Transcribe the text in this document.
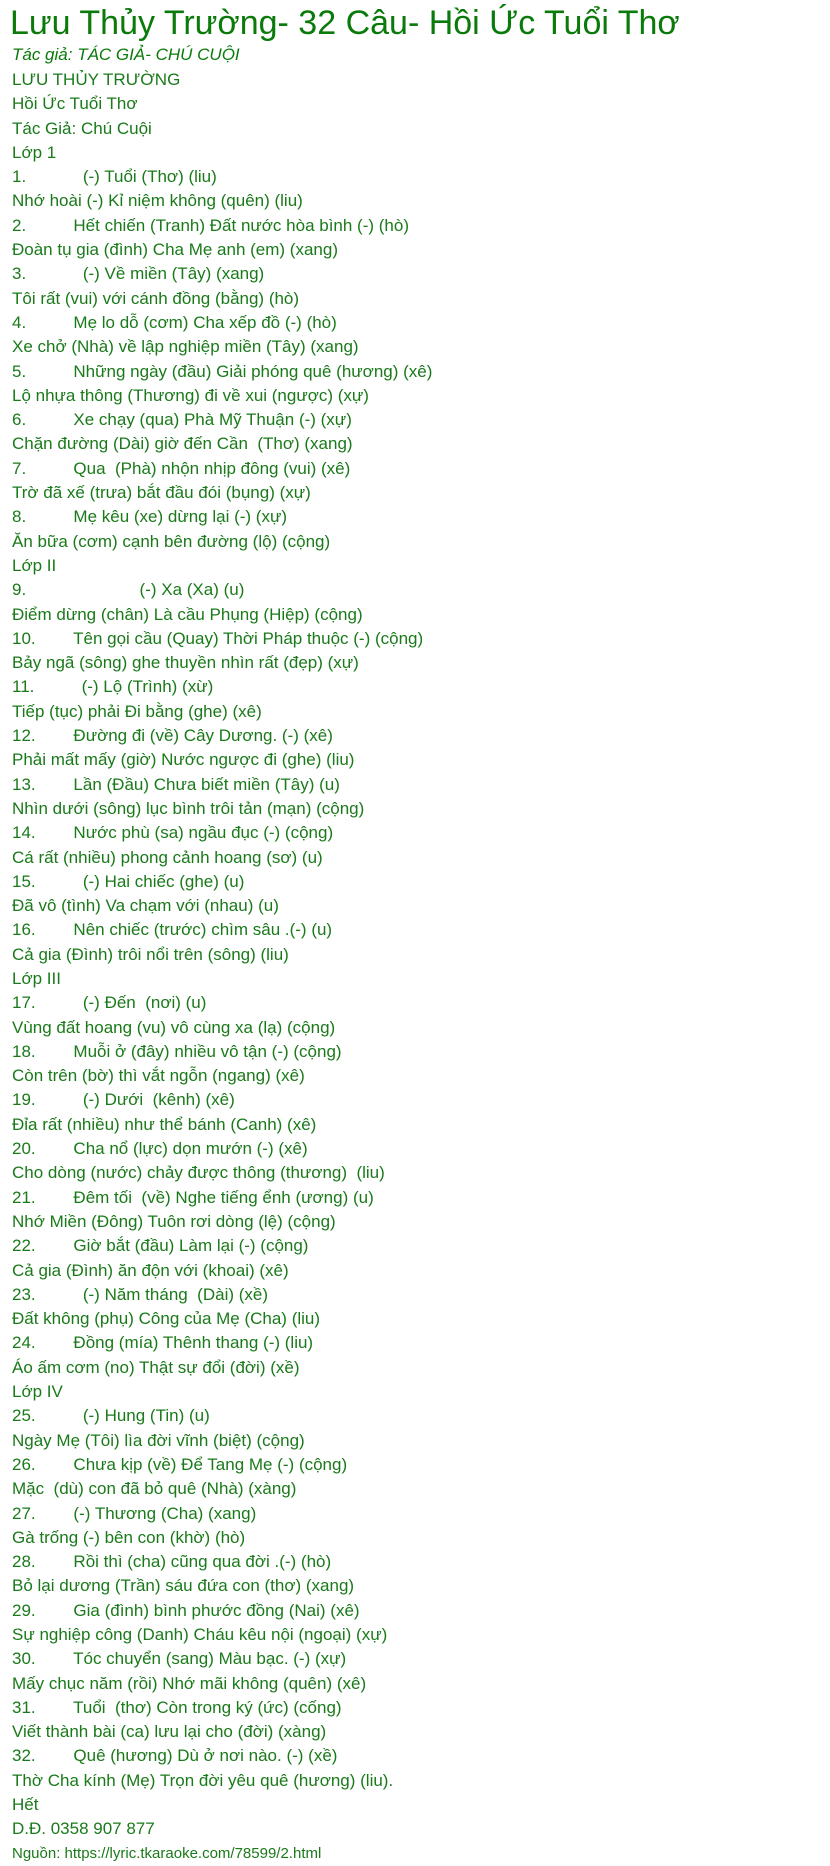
Lưu Thủy Trường- 32 Câu- Hồi Ức Tuổi Thơ
Tác giả: TÁC GIẢ- CHÚ CUỘI
LƯU THỦY TRƯỜNG
Hồi Ức Tuổi Thơ
Tác Giả: Chú Cuội
Lớp 1
1.            (-) Tuổi (Thơ) (liu)
Nhớ hoài (-) Kỉ niệm không (quên) (liu)
2.          Hết chiến (Tranh) Đất nước hòa bình (-) (hò)
Đoàn tụ gia (đình) Cha Mẹ anh (em) (xang)
3.            (-) Về miền (Tây) (xang)
Tôi rất (vui) với cánh đồng (bằng) (hò)
4.          Mẹ lo dỗ (cơm) Cha xếp đồ (-) (hò)
Xe chở (Nhà) về lập nghiệp miền (Tây) (xang)
5.          Những ngày (đầu) Giải phóng quê (hương) (xê)
Lộ nhựa thông (Thương) đi về xui (ngược) (xự)
6.          Xe chạy (qua) Phà Mỹ Thuận (-) (xự)
Chặn đường (Dài) giờ đến Cần  (Thơ) (xang)
7.          Qua  (Phà) nhộn nhịp đông (vui) (xê)
Trờ đã xế (trưa) bắt đầu đói (bụng) (xự)
8.          Mẹ kêu (xe) dừng lại (-) (xự)
Ăn bữa (cơm) cạnh bên đường (lộ) (cộng)
Lớp II
9.                        (-) Xa (Xa) (u)
Điểm dừng (chân) Là cầu Phụng (Hiệp) (cộng)
10.        Tên gọi cầu (Quay) Thời Pháp thuộc (-) (cộng)
Bảy ngã (sông) ghe thuyền nhìn rất (đẹp) (xự)
11.          (-) Lộ (Trình) (xừ)
Tiếp (tục) phải Đi bằng (ghe) (xê)
12.        Đường đi (về) Cây Dương. (-) (xê)
Phải mất mấy (giờ) Nước ngược đi (ghe) (liu)
13.        Lần (Đầu) Chưa biết miền (Tây) (u)
Nhìn dưới (sông) lục bình trôi tản (mạn) (cộng)
14.        Nước phù (sa) ngầu đục (-) (cộng)
Cá rất (nhiều) phong cảnh hoang (sơ) (u)
15.          (-) Hai chiếc (ghe) (u)
Đã vô (tình) Va chạm với (nhau) (u)
16.        Nên chiếc (trước) chìm sâu .(-) (u)
Cả gia (Đình) trôi nổi trên (sông) (liu)
Lớp III
17.          (-) Đến  (nơi) (u)
Vùng đất hoang (vu) vô cùng xa (lạ) (cộng)
18.        Muỗi ở (đây) nhiều vô tận (-) (cộng)
Còn trên (bờ) thì vắt ngỗn (ngang) (xê)
19.          (-) Dưới  (kênh) (xê)
Đỉa rất (nhiều) như thể bánh (Canh) (xê)
20.        Cha nổ (lực) dọn mướn (-) (xê)
Cho dòng (nước) chảy được thông (thương)  (liu)
21.        Đêm tối  (về) Nghe tiếng ểnh (ương) (u)
Nhớ Miền (Đông) Tuôn rơi dòng (lệ) (cộng)
22.        Giờ bắt (đầu) Làm lại (-) (cộng)
Cả gia (Đình) ăn độn với (khoai) (xê)
23.          (-) Năm tháng  (Dài) (xề)
Đất không (phụ) Công của Mẹ (Cha) (liu)
24.        Đồng (mía) Thênh thang (-) (liu)
Áo ấm cơm (no) Thật sự đổi (đời) (xề)
Lớp IV
25.          (-) Hung (Tin) (u)
Ngày Mẹ (Tôi) lìa đời vĩnh (biệt) (cộng)
26.        Chưa kịp (về) Để Tang Mẹ (-) (cộng)
Mặc  (dù) con đã bỏ quê (Nhà) (xàng)
27.        (-) Thương (Cha) (xang)
Gà trống (-) bên con (khờ) (hò)
28.        Rồi thì (cha) cũng qua đời .(-) (hò)
Bỏ lại dương (Trần) sáu đứa con (thơ) (xang)
29.        Gia (đình) bình phước đồng (Nai) (xê)
Sự nghiệp công (Danh) Cháu kêu nội (ngoại) (xự)
30.        Tóc chuyển (sang) Màu bạc. (-) (xự)
Mấy chục năm (rồi) Nhớ mãi không (quên) (xê)
31.        Tuổi  (thơ) Còn trong ký (ức) (cống)
Viết thành bài (ca) lưu lại cho (đời) (xàng)
32.        Quê (hương) Dù ở nơi nào. (-) (xề)
Thờ Cha kính (Mẹ) Trọn đời yêu quê (hương) (liu).
Hết
D.Đ. 0358 907 877
Nguồn: https://lyric.tkaraoke.com/78599/2.html
